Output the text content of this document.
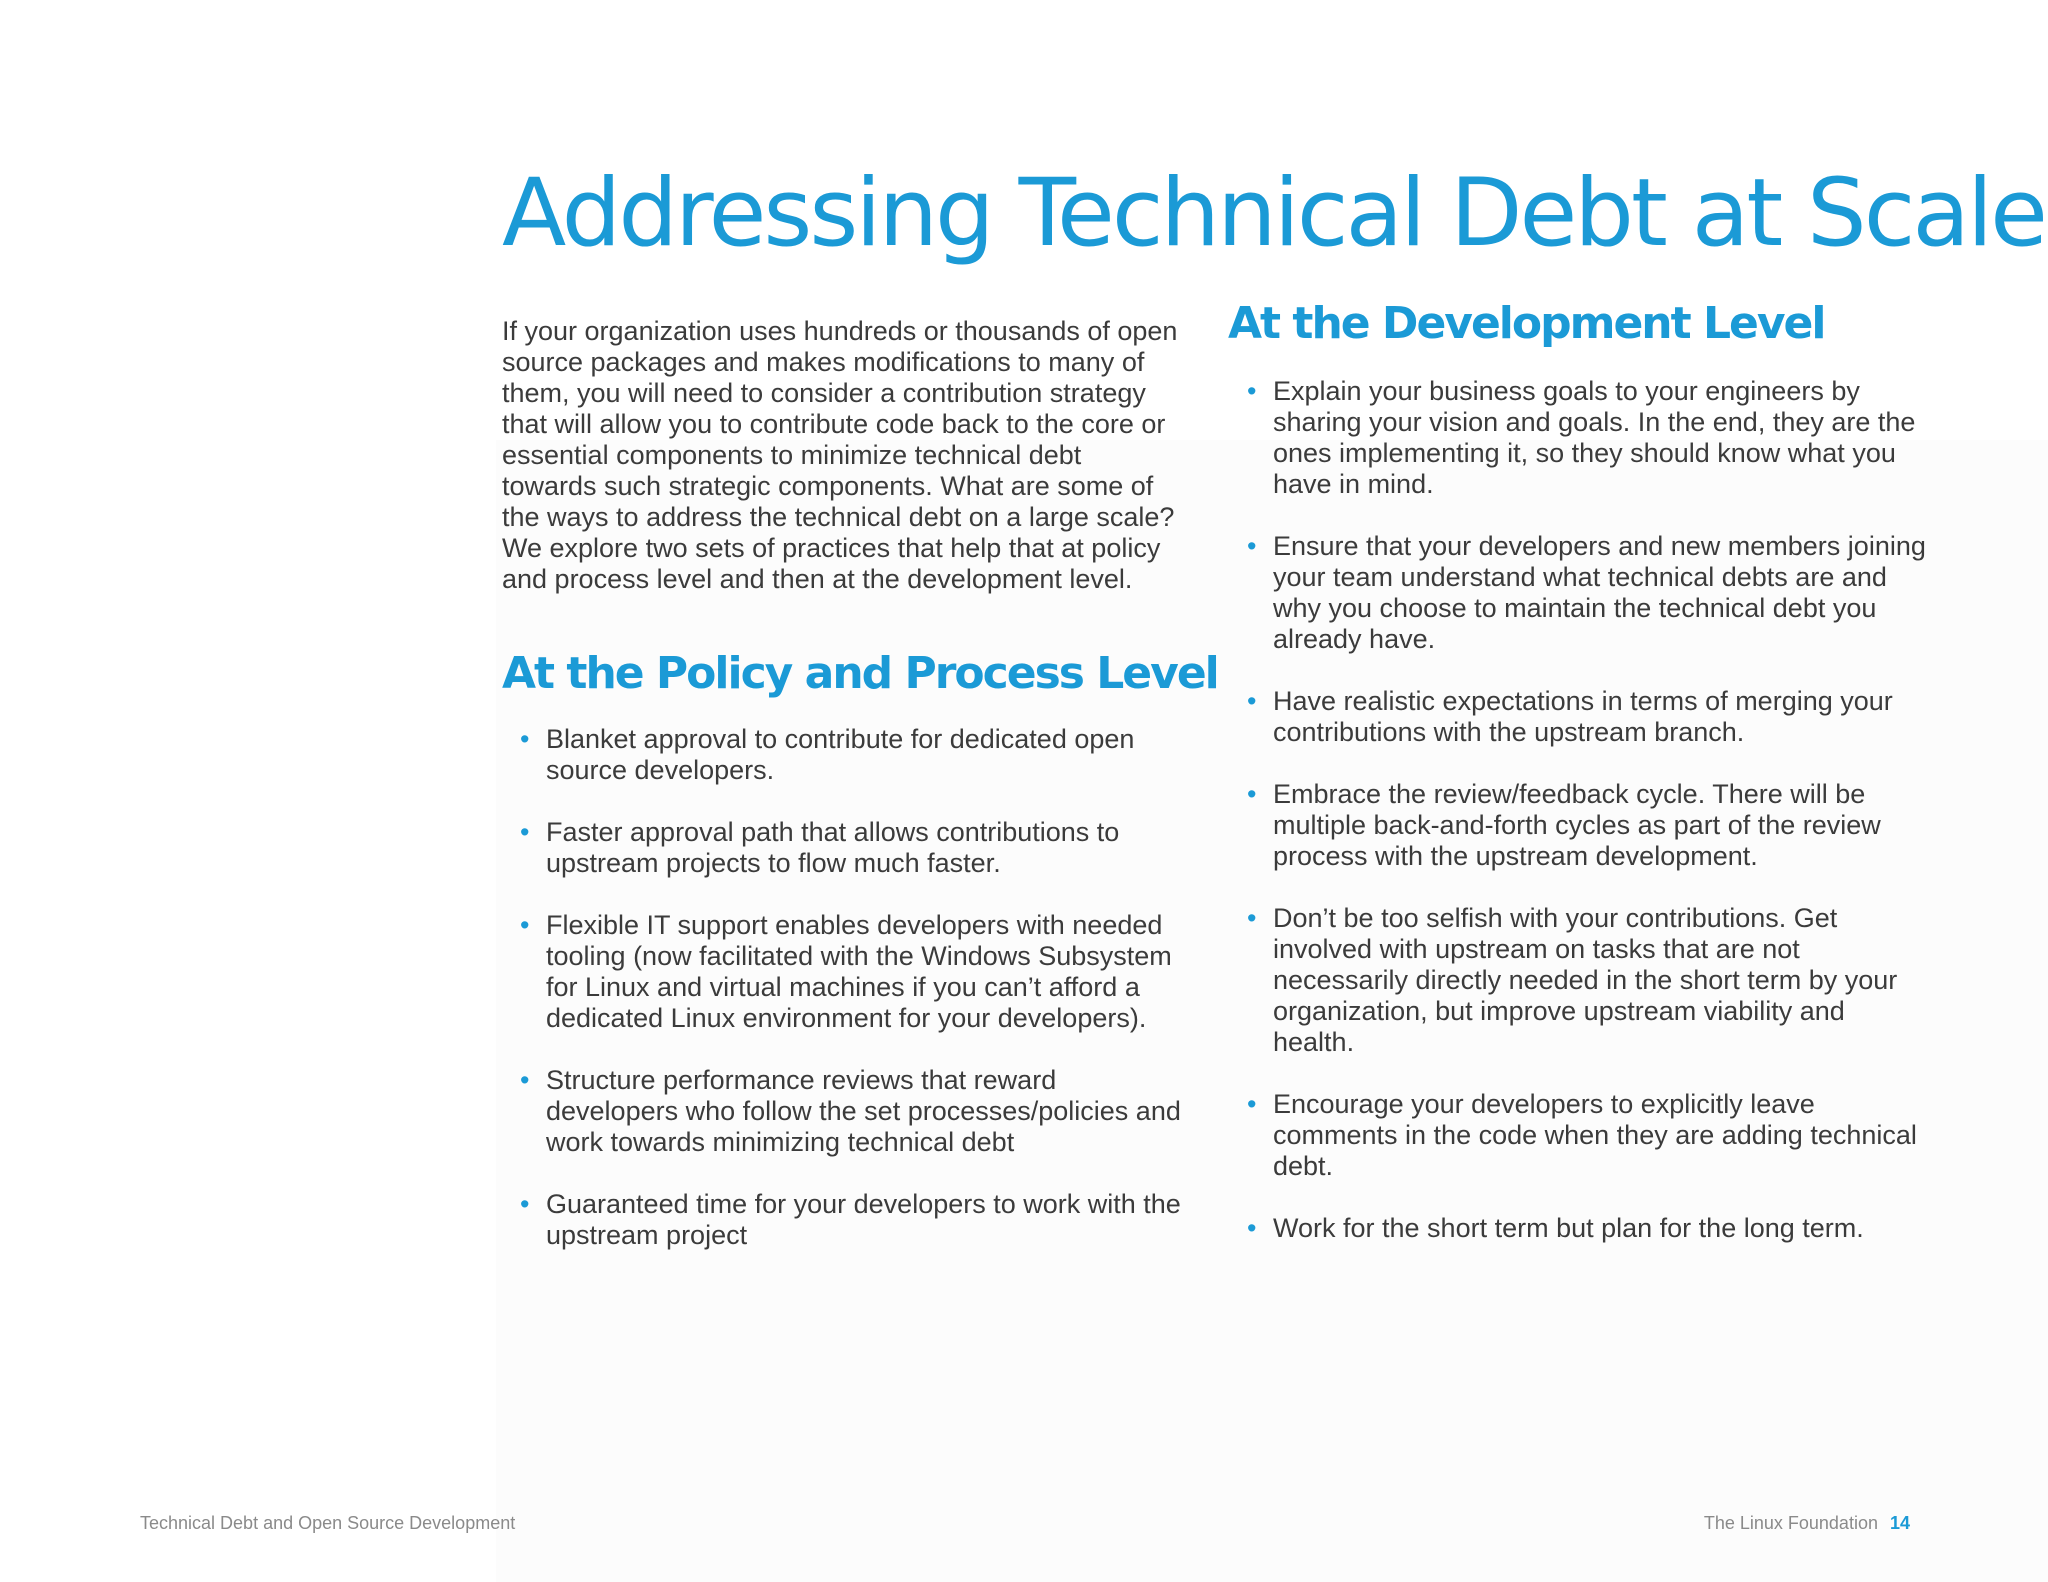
Addressing Technical Debt at Scale

If your organization uses hundreds or thousands of open source packages and makes modifications to many of them, you will need to consider a contribution strategy that will allow you to contribute code back to the core or essential components to minimize technical debt towards such strategic components. What are some of the ways to address the technical debt on a large scale? We explore two sets of practices that help that at policy and process level and then at the development level.

At the Policy and Process Level
• Blanket approval to contribute for dedicated open source developers.
• Faster approval path that allows contributions to upstream projects to flow much faster.
• Flexible IT support enables developers with needed tooling (now facilitated with the Windows Subsystem for Linux and virtual machines if you can’t afford a dedicated Linux environment for your developers).
• Structure performance reviews that reward developers who follow the set processes/policies and work towards minimizing technical debt
• Guaranteed time for your developers to work with the upstream project
At the Development Level
• Explain your business goals to your engineers by sharing your vision and goals. In the end, they are the ones implementing it, so they should know what you have in mind.
• Ensure that your developers and new members joining your team understand what technical debts are and why you choose to maintain the technical debt you already have.
• Have realistic expectations in terms of merging your contributions with the upstream branch.
• Embrace the review/feedback cycle. There will be multiple back-and-forth cycles as part of the review process with the upstream development.
• Don’t be too selfish with your contributions. Get involved with upstream on tasks that are not necessarily directly needed in the short term by your organization, but improve upstream viability and health.
• Encourage your developers to explicitly leave comments in the code when they are adding technical debt.
• Work for the short term but plan for the long term.
Technical Debt and Open Source Development	The Linux Foundation 14
